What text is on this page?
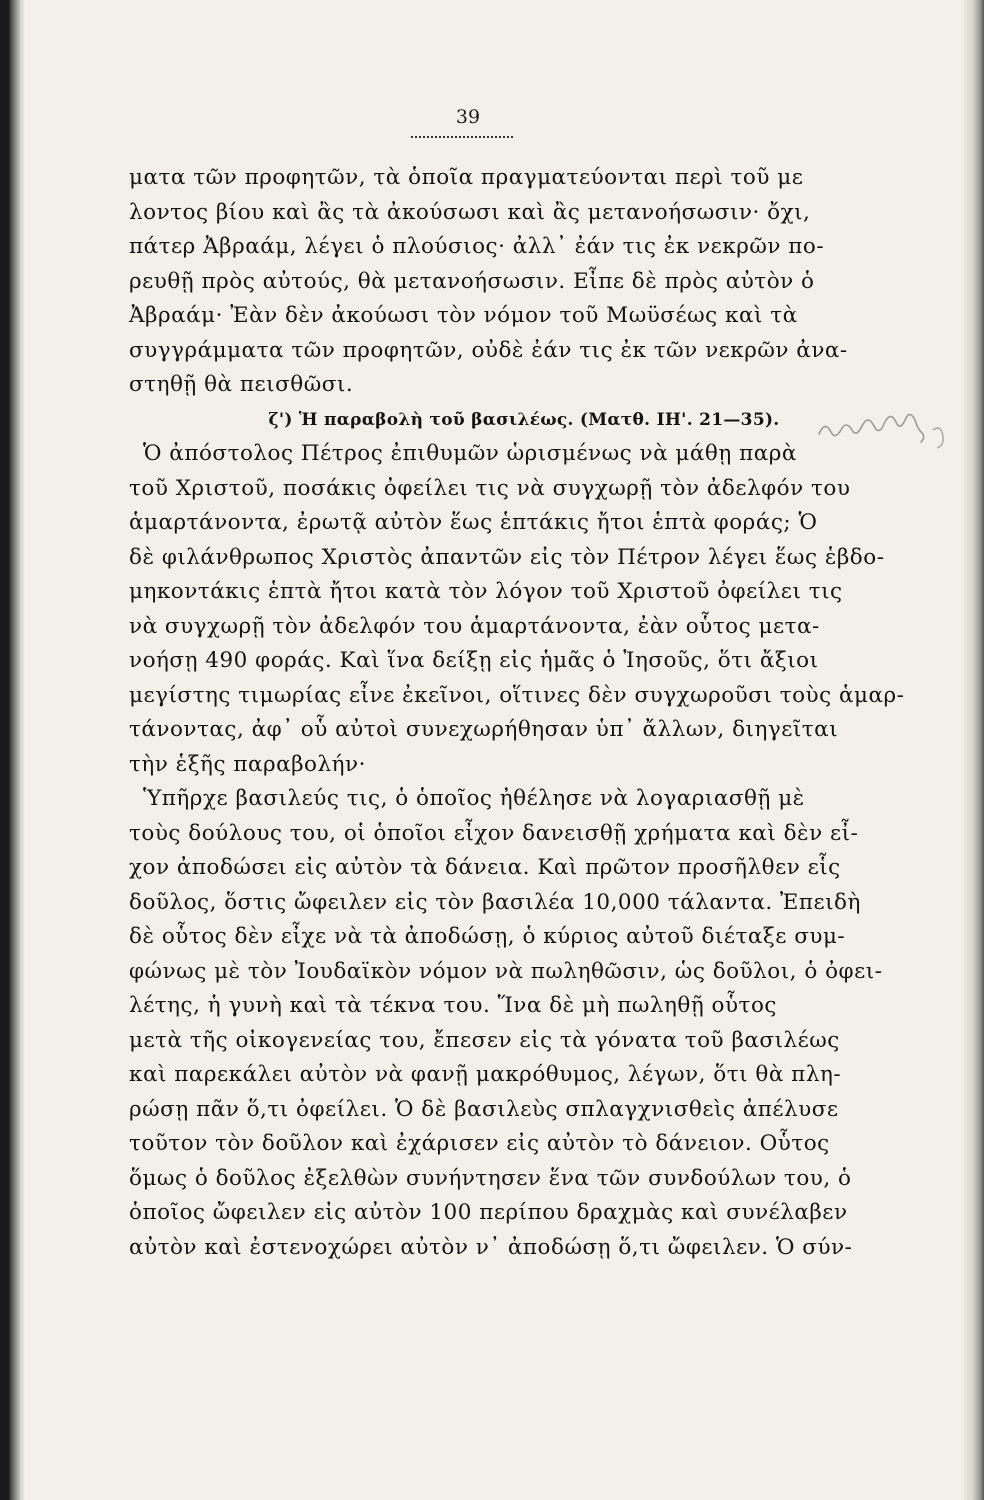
39
ματα τῶν προφητῶν, τὰ ὁποῖα πραγματεύονται περὶ τοῦ με
λοντος βίου καὶ ἂς τὰ ἀκούσωσι καὶ ἂς μετανοήσωσιν· ὄχι,
πάτερ Ἀβραάμ, λέγει ὁ πλούσιος· ἀλλ᾽ ἐάν τις ἐκ νεκρῶν πο-
ρευθῇ πρὸς αὐτούς, θὰ μετανοήσωσιν. Εἶπε δὲ πρὸς αὐτὸν ὁ
Ἀβραάμ· Ἐὰν δὲν ἀκούωσι τὸν νόμον τοῦ Μωϋσέως καὶ τὰ
συγγράμματα τῶν προφητῶν, οὐδὲ ἐάν τις ἐκ τῶν νεκρῶν ἀνα-
στηθῇ θὰ πεισθῶσι.
ζ') Ἡ παραβολὴ τοῦ βασιλέως. (Ματθ. ΙΗ'. 21—35).
Ὁ ἀπόστολος Πέτρος ἐπιθυμῶν ὡρισμένως νὰ μάθῃ παρὰ
τοῦ Χριστοῦ, ποσάκις ὀφείλει τις νὰ συγχωρῇ τὸν ἀδελφόν του
ἁμαρτάνοντα, ἐρωτᾷ αὐτὸν ἕως ἑπτάκις ἤτοι ἑπτὰ φοράς; Ὁ
δὲ φιλάνθρωπος Χριστὸς ἀπαντῶν εἰς τὸν Πέτρον λέγει ἕως ἑβδο-
μηκοντάκις ἑπτὰ ἤτοι κατὰ τὸν λόγον τοῦ Χριστοῦ ὀφείλει τις
νὰ συγχωρῇ τὸν ἀδελφόν του ἁμαρτάνοντα, ἐὰν οὗτος μετα-
νοήσῃ 490 φοράς. Καὶ ἵνα δείξῃ εἰς ἡμᾶς ὁ Ἰησοῦς, ὅτι ἄξιοι
μεγίστης τιμωρίας εἶνε ἐκεῖνοι, οἵτινες δὲν συγχωροῦσι τοὺς ἁμαρ-
τάνοντας, ἀφ᾽ οὗ αὐτοὶ συνεχωρήθησαν ὑπ᾽ ἄλλων, διηγεῖται
τὴν ἑξῆς παραβολήν·
Ὑπῆρχε βασιλεύς τις, ὁ ὁποῖος ἠθέλησε νὰ λογαριασθῇ μὲ
τοὺς δούλους του, οἱ ὁποῖοι εἶχον δανεισθῇ χρήματα καὶ δὲν εἶ-
χον ἀποδώσει εἰς αὐτὸν τὰ δάνεια. Καὶ πρῶτον προσῆλθεν εἷς
δοῦλος, ὅστις ὤφειλεν εἰς τὸν βασιλέα 10,000 τάλαντα. Ἐπειδὴ
δὲ οὗτος δὲν εἶχε νὰ τὰ ἀποδώσῃ, ὁ κύριος αὐτοῦ διέταξε συμ-
φώνως μὲ τὸν Ἰουδαϊκὸν νόμον νὰ πωληθῶσιν, ὡς δοῦλοι, ὁ ὀφει-
λέτης, ἡ γυνὴ καὶ τὰ τέκνα του. Ἵνα δὲ μὴ πωληθῇ οὗτος
μετὰ τῆς οἰκογενείας του, ἔπεσεν εἰς τὰ γόνατα τοῦ βασιλέως
καὶ παρεκάλει αὐτὸν νὰ φανῇ μακρόθυμος, λέγων, ὅτι θὰ πλη-
ρώσῃ πᾶν ὅ,τι ὀφείλει. Ὁ δὲ βασιλεὺς σπλαγχνισθεὶς ἀπέλυσε
τοῦτον τὸν δοῦλον καὶ ἐχάρισεν εἰς αὐτὸν τὸ δάνειον. Οὗτος
ὅμως ὁ δοῦλος ἐξελθὼν συνήντησεν ἕνα τῶν συνδούλων του, ὁ
ὁποῖος ὤφειλεν εἰς αὐτὸν 100 περίπου δραχμὰς καὶ συνέλαβεν
αὐτὸν καὶ ἐστενοχώρει αὐτὸν ν᾽ ἀποδώσῃ ὅ,τι ὤφειλεν. Ὁ σύν-
